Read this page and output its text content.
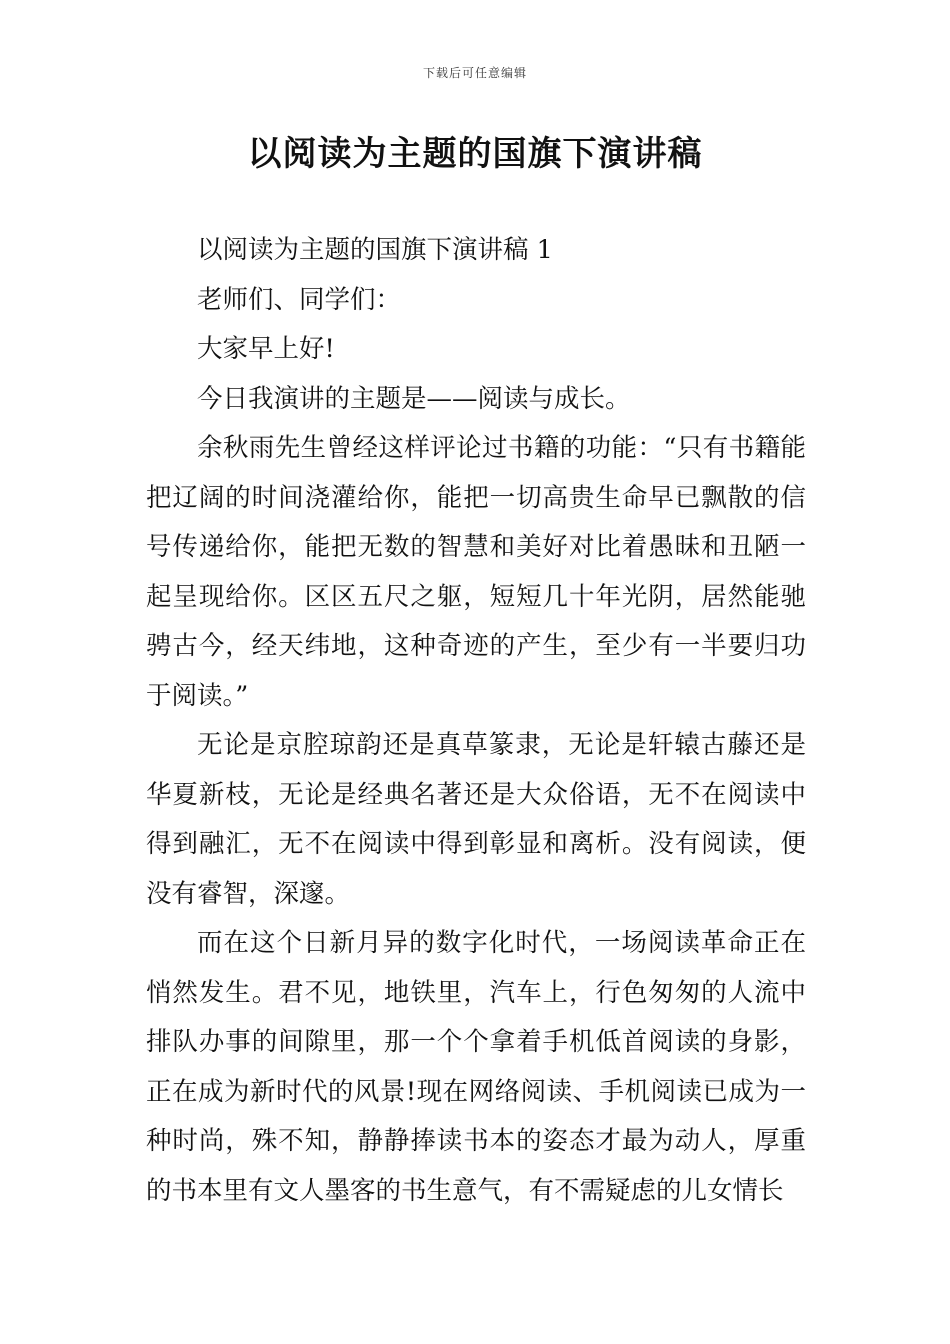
下载后可任意编辑
以阅读为主题的国旗下演讲稿

以阅读为主题的国旗下演讲稿 1

老师们、同学们：

大家早上好!

今日我演讲的主题是——阅读与成长。

余秋雨先生曾经这样评论过书籍的功能：“只有书籍能把辽阔的时间浇灌给你，能把一切高贵生命早已飘散的信号传递给你，能把无数的智慧和美好对比着愚昧和丑陋一起呈现给你。区区五尺之躯，短短几十年光阴，居然能驰骋古今，经天纬地，这种奇迹的产生，至少有一半要归功于阅读。”

无论是京腔琼韵还是真草篆隶，无论是轩辕古藤还是华夏新枝，无论是经典名著还是大众俗语，无不在阅读中得到融汇，无不在阅读中得到彰显和离析。没有阅读，便没有睿智，深邃。

而在这个日新月异的数字化时代，一场阅读革命正在悄然发生。君不见，地铁里，汽车上，行色匆匆的人流中排队办事的间隙里，那一个个拿着手机低首阅读的身影，正在成为新时代的风景!现在网络阅读、手机阅读已成为一种时尚，殊不知，静静捧读书本的姿态才最为动人，厚重的书本里有文人墨客的书生意气，有不需疑虑的儿女情长
